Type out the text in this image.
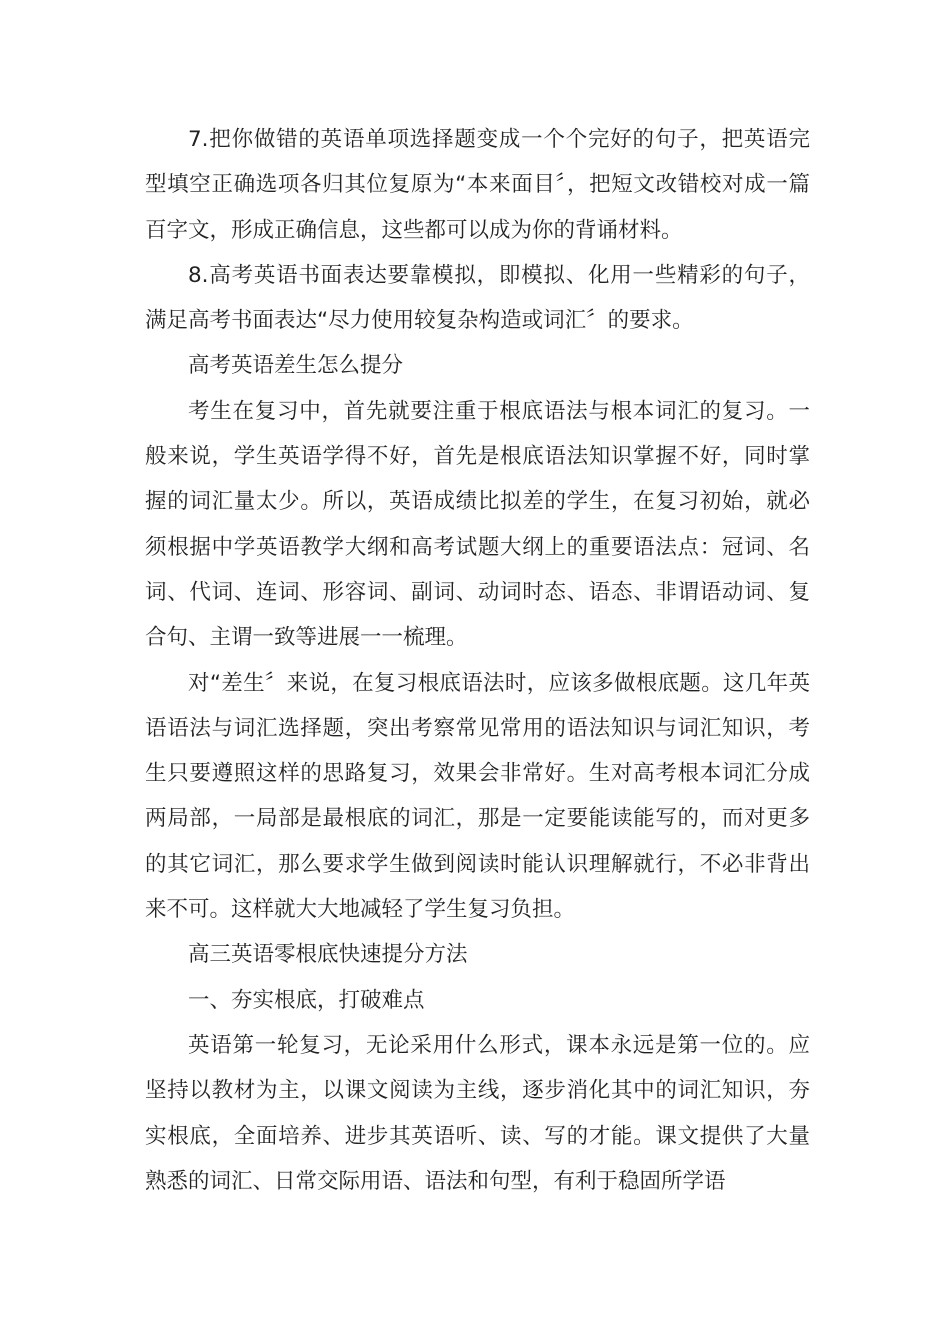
7.把你做错的英语单项选择题变成一个个完好的句子，把英语完型填空正确选项各归其位复原为“本来面目〞，把短文改错校对成一篇百字文，形成正确信息，这些都可以成为你的背诵材料。

8.高考英语书面表达要靠模拟，即模拟、化用一些精彩的句子，满足高考书面表达“尽力使用较复杂构造或词汇〞的要求。

高考英语差生怎么提分

考生在复习中，首先就要注重于根底语法与根本词汇的复习。一般来说，学生英语学得不好，首先是根底语法知识掌握不好，同时掌握的词汇量太少。所以，英语成绩比拟差的学生，在复习初始，就必须根据中学英语教学大纲和高考试题大纲上的重要语法点：冠词、名词、代词、连词、形容词、副词、动词时态、语态、非谓语动词、复合句、主谓一致等进展一一梳理。

对“差生〞来说，在复习根底语法时，应该多做根底题。这几年英语语法与词汇选择题，突出考察常见常用的语法知识与词汇知识，考生只要遵照这样的思路复习，效果会非常好。生对高考根本词汇分成两局部，一局部是最根底的词汇，那是一定要能读能写的，而对更多的其它词汇，那么要求学生做到阅读时能认识理解就行，不必非背出来不可。这样就大大地减轻了学生复习负担。

高三英语零根底快速提分方法

一、夯实根底，打破难点

英语第一轮复习，无论采用什么形式，课本永远是第一位的。应坚持以教材为主，以课文阅读为主线，逐步消化其中的词汇知识，夯实根底，全面培养、进步其英语听、读、写的才能。课文提供了大量熟悉的词汇、日常交际用语、语法和句型，有利于稳固所学语
